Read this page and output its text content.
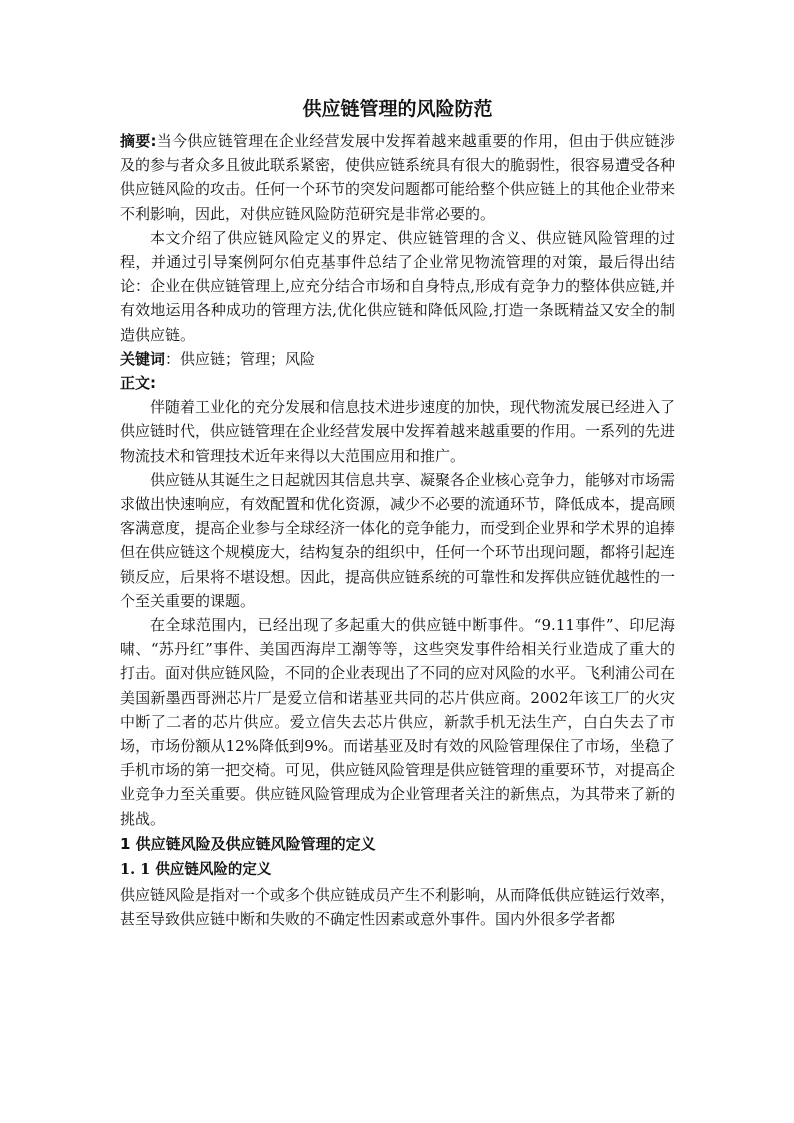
供应链管理的风险防范

摘要:当今供应链管理在企业经营发展中发挥着越来越重要的作用，但由于供应链涉及的参与者众多且彼此联系紧密，使供应链系统具有很大的脆弱性，很容易遭受各种供应链风险的攻击。任何一个环节的突发问题都可能给整个供应链上的其他企业带来不利影响，因此，对供应链风险防范研究是非常必要的。

本文介绍了供应链风险定义的界定、供应链管理的含义、供应链风险管理的过程，并通过引导案例阿尔伯克基事件总结了企业常见物流管理的对策，最后得出结论：企业在供应链管理上,应充分结合市场和自身特点,形成有竞争力的整体供应链,并有效地运用各种成功的管理方法,优化供应链和降低风险,打造一条既精益又安全的制造供应链。

关键词：供应链；管理；风险

正文:

伴随着工业化的充分发展和信息技术进步速度的加快，现代物流发展已经进入了供应链时代，供应链管理在企业经营发展中发挥着越来越重要的作用。一系列的先进物流技术和管理技术近年来得以大范围应用和推广。

供应链从其诞生之日起就因其信息共享、凝聚各企业核心竞争力，能够对市场需求做出快速响应，有效配置和优化资源，减少不必要的流通环节，降低成本，提高顾客满意度，提高企业参与全球经济一体化的竞争能力，而受到企业界和学术界的追捧但在供应链这个规模庞大，结构复杂的组织中，任何一个环节出现问题，都将引起连锁反应，后果将不堪设想。因此，提高供应链系统的可靠性和发挥供应链优越性的一个至关重要的课题。

在全球范围内，已经出现了多起重大的供应链中断事件。“9.11事件”、印尼海啸、“苏丹红”事件、美国西海岸工潮等等，这些突发事件给相关行业造成了重大的打击。面对供应链风险，不同的企业表现出了不同的应对风险的水平。飞利浦公司在美国新墨西哥洲芯片厂是爱立信和诺基亚共同的芯片供应商。2002年该工厂的火灾中断了二者的芯片供应。爱立信失去芯片供应，新款手机无法生产，白白失去了市场，市场份额从12%降低到9%。而诺基亚及时有效的风险管理保住了市场，坐稳了手机市场的第一把交椅。可见，供应链风险管理是供应链管理的重要环节，对提高企业竞争力至关重要。供应链风险管理成为企业管理者关注的新焦点，为其带来了新的挑战。

1 供应链风险及供应链风险管理的定义
1. 1 供应链风险的定义

供应链风险是指对一个或多个供应链成员产生不利影响，从而降低供应链运行效率，甚至导致供应链中断和失败的不确定性因素或意外事件。国内外很多学者都
